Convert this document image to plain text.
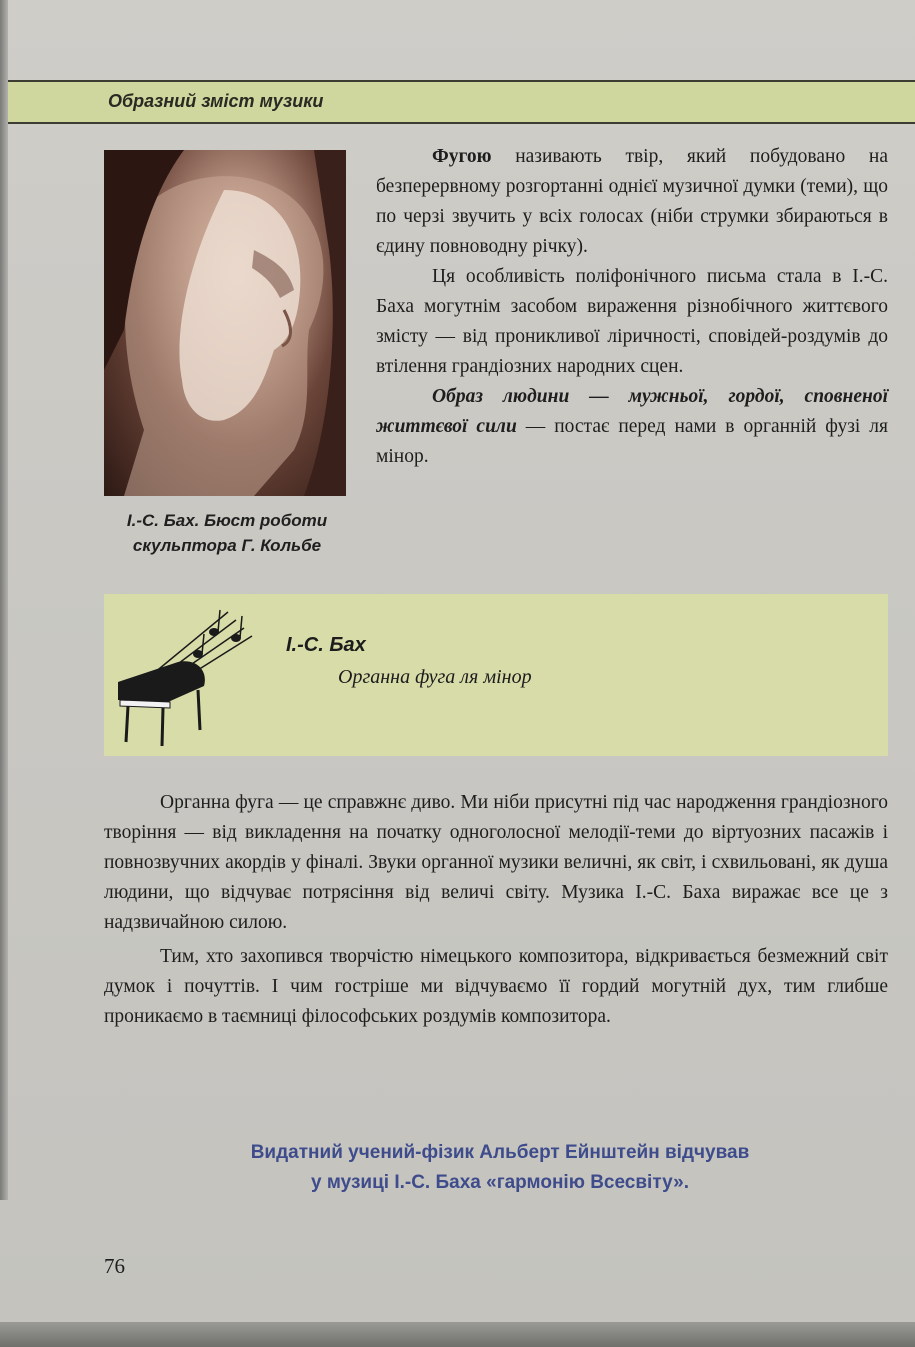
Образний зміст музики
І.-С. Бах. Бюст роботи
скульптора Г. Кольбе

Фугою називають твір, який побудовано на безперервному розгортанні однієї музичної думки (теми), що по черзі звучить у всіх голосах (ніби струмки збираються в єдину повноводну річку).

Ця особливість поліфонічного письма стала в І.-С. Баха могутнім засобом вираження різнобічного життєвого змісту — від проникливої ліричності, сповідей-роздумів до втілення грандіозних народних сцен.

Образ людини — мужньої, гордої, сповненої життєвої сили — постає перед нами в органній фузі ля мінор.

І.-С. Бах
Органна фуга ля мінор

Органна фуга — це справжнє диво. Ми ніби присутні під час народження грандіозного творіння — від викладення на початку одноголосної мелодії-теми до віртуозних пасажів і повнозвучних акордів у фіналі. Звуки органної музики величні, як світ, і схвильовані, як душа людини, що відчуває потрясіння від величі світу. Музика І.-С. Баха виражає все це з надзвичайною силою.

Тим, хто захопився творчістю німецького композитора, відкривається безмежний світ думок і почуттів. І чим гостріше ми відчуваємо її гордий могутній дух, тим глибше проникаємо в таємниці філософських роздумів композитора.

Видатний учений-фізик Альберт Ейнштейн відчував
у музиці І.-С. Баха «гармонію Всесвіту».
76
